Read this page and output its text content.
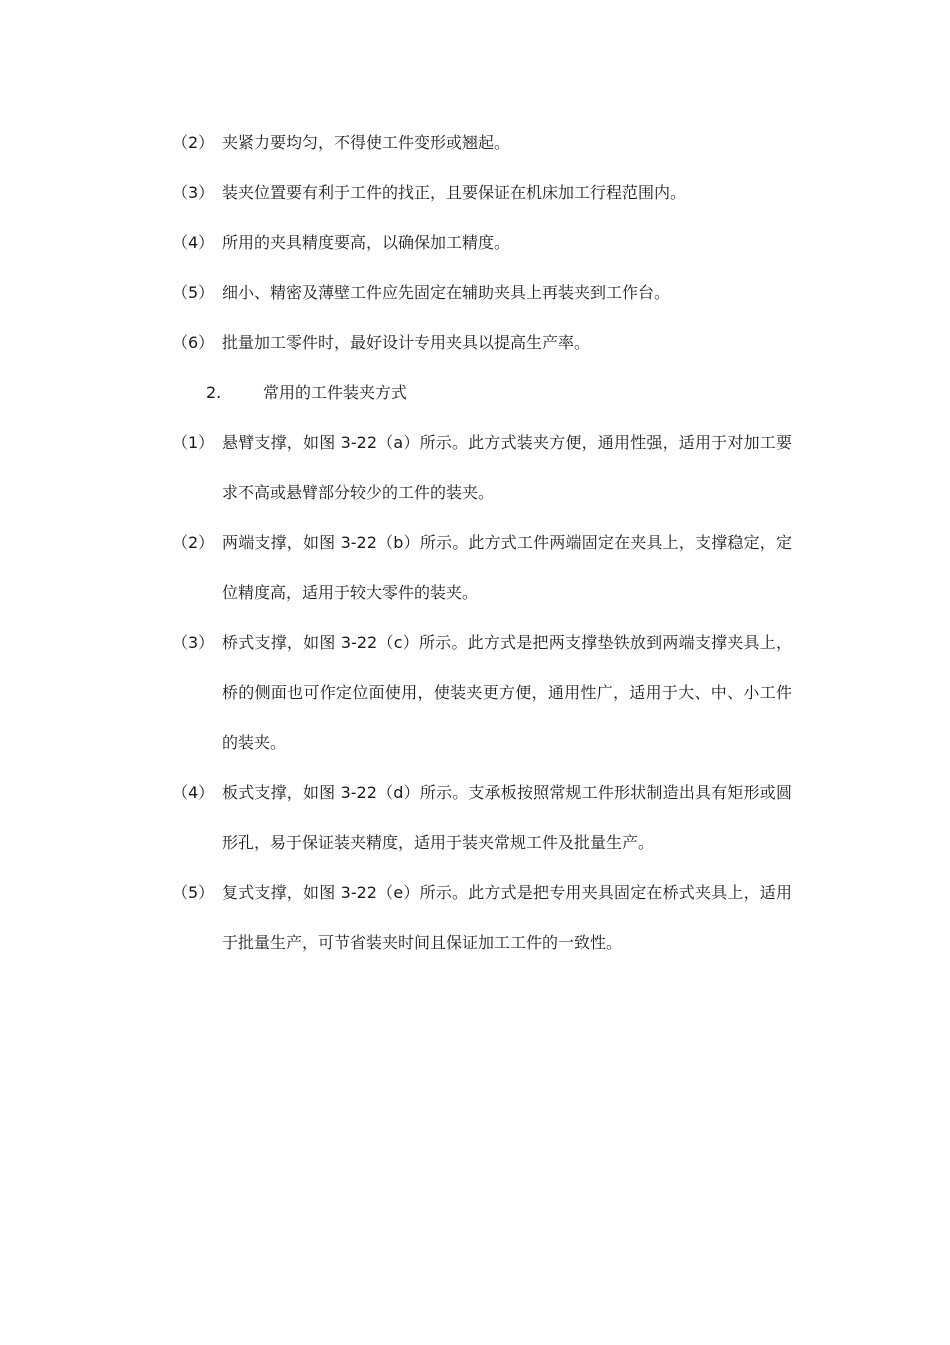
（2） 夹紧力要均匀，不得使工件变形或翘起。
（3） 装夹位置要有利于工件的找正，且要保证在机床加工行程范围内。
（4） 所用的夹具精度要高，以确保加工精度。
（5） 细小、精密及薄壁工件应先固定在辅助夹具上再装夹到工作台。
（6） 批量加工零件时，最好设计专用夹具以提高生产率。
2.	常用的工件装夹方式
（1） 悬臂支撑，如图 3-22（a）所示。此方式装夹方便，通用性强，适用于对加工要求不高或悬臂部分较少的工件的装夹。
（2） 两端支撑，如图 3-22（b）所示。此方式工件两端固定在夹具上，支撑稳定，定位精度高，适用于较大零件的装夹。
（3） 桥式支撑，如图 3-22（c）所示。此方式是把两支撑垫铁放到两端支撑夹具上，桥的侧面也可作定位面使用，使装夹更方便，通用性广，适用于大、中、小工件的装夹。
（4） 板式支撑，如图 3-22（d）所示。支承板按照常规工件形状制造出具有矩形或圆形孔，易于保证装夹精度，适用于装夹常规工件及批量生产。
（5） 复式支撑，如图 3-22（e）所示。此方式是把专用夹具固定在桥式夹具上，适用于批量生产，可节省装夹时间且保证加工工件的一致性。
